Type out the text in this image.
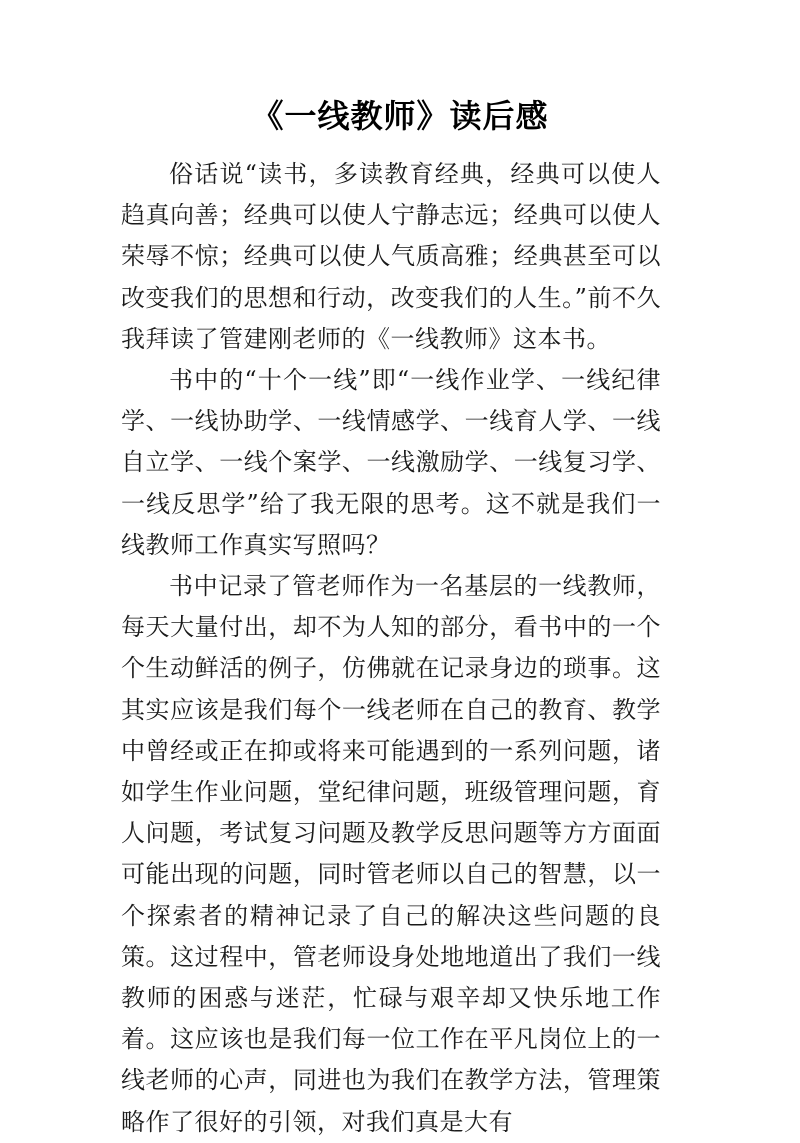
《一线教师》读后感

俗话说“读书，多读教育经典，经典可以使人趋真向善；经典可以使人宁静志远；经典可以使人荣辱不惊；经典可以使人气质高雅；经典甚至可以改变我们的思想和行动，改变我们的人生。”前不久我拜读了管建刚老师的《一线教师》这本书。

书中的“十个一线”即“一线作业学、一线纪律学、一线协助学、一线情感学、一线育人学、一线自立学、一线个案学、一线激励学、一线复习学、一线反思学”给了我无限的思考。这不就是我们一线教师工作真实写照吗？

书中记录了管老师作为一名基层的一线教师，每天大量付出，却不为人知的部分，看书中的一个个生动鲜活的例子，仿佛就在记录身边的琐事。这其实应该是我们每个一线老师在自己的教育、教学中曾经或正在抑或将来可能遇到的一系列问题，诸如学生作业问题，堂纪律问题，班级管理问题，育人问题，考试复习问题及教学反思问题等方方面面可能出现的问题，同时管老师以自己的智慧，以一个探索者的精神记录了自己的解决这些问题的良策。这过程中，管老师设身处地地道出了我们一线教师的困惑与迷茫，忙碌与艰辛却又快乐地工作着。这应该也是我们每一位工作在平凡岗位上的一线老师的心声，同进也为我们在教学方法，管理策略作了很好的引领，对我们真是大有
